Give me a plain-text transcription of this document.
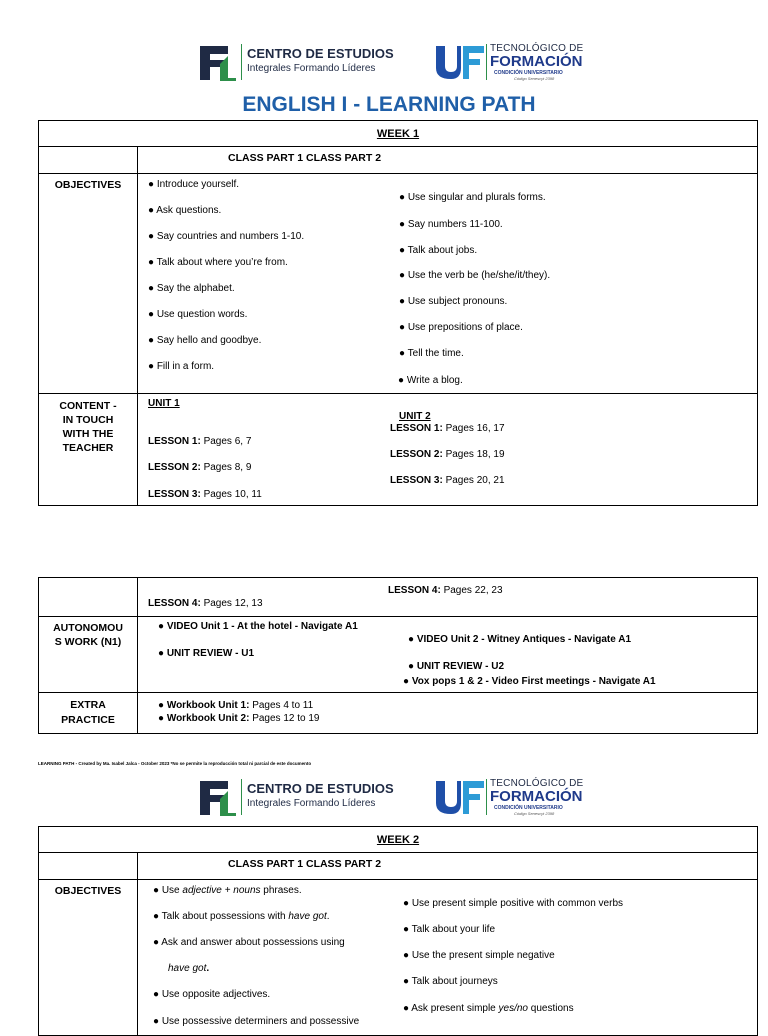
CENTRO DE ESTUDIOS
Integrales Formando Líderes
TECNOLÓGICO DE
FORMACIÓN
CONDICIÓN UNIVERSITARIO
Código Senescyt 2398
ENGLISH I - LEARNING PATH
WEEK 1
CLASS PART 1 CLASS PART 2
OBJECTIVES	● Introduce yourself.
● Ask questions.
● Say countries and numbers 1-10.
● Talk about where you’re from.
● Say the alphabet.
● Use question words.
● Say hello and goodbye.
● Fill in a form.
● Use singular and plurals forms.
● Say numbers 11-100.
● Talk about jobs.
● Use the verb be (he/she/it/they).
● Use subject pronouns.
● Use prepositions of place.
● Tell the time.
● Write a blog.
CONTENT -
IN TOUCH
WITH THE
TEACHER
UNIT 1
LESSON 1: Pages 6, 7
LESSON 2: Pages 8, 9
LESSON 3: Pages 10, 11
UNIT 2
LESSON 1: Pages 16, 17
LESSON 2: Pages 18, 19
LESSON 3: Pages 20, 21
LESSON 4: Pages 12, 13
LESSON 4: Pages 22, 23
AUTONOMOU
S WORK (N1)
● VIDEO Unit 1 - At the hotel - Navigate A1
● UNIT REVIEW - U1
● VIDEO Unit 2 - Witney Antiques - Navigate A1
● UNIT REVIEW - U2
● Vox pops 1 & 2 - Video First meetings - Navigate A1
EXTRA
PRACTICE
● Workbook Unit 1: Pages 4 to 11
● Workbook Unit 2: Pages 12 to 19
LEARNING PATH - Created by Ma. Isabel Jalca - October 2023 *No se permite la reproducción total ni parcial de este documento
CENTRO DE ESTUDIOS
Integrales Formando Líderes
TECNOLÓGICO DE
FORMACIÓN
CONDICIÓN UNIVERSITARIO
Código Senescyt 2398
WEEK 2
CLASS PART 1 CLASS PART 2
OBJECTIVES	● Use adjective + nouns phrases.
● Talk about possessions with have got.
● Ask and answer about possessions using
have got.
● Use opposite adjectives.
● Use possessive determiners and possessive
● Use present simple positive with common verbs
● Talk about your life
● Use the present simple negative
● Talk about journeys
● Ask present simple yes/no questions
